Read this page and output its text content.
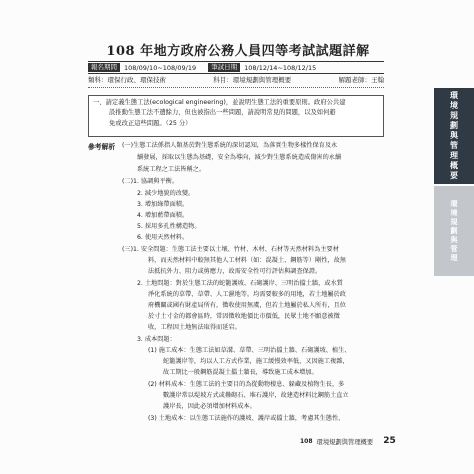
108 年地方政府公務人員四等考試試題詳解
報名期間	108/09/10~108/09/19	筆試日期	108/12/14~108/12/15
類科：環保行政、環保技術	科目：環境規劃與管理概要	解題老師：王翰
一、請定義生態工法(ecological engineering)，並說明生態工法的重要原則。政府公共建
設推動生態工法不遺餘力，但也被指出一些問題，請說明常見的問題，以及如何避
免或改正這些問題。（25 分）
參考解析 (一)生態工法係指人類基於對生態系統的深切認知，為落實生物多樣性保育及永
續發展，採取以生態為基礎，安全為導向，減少對生態系統造成傷害的永續
系統工程之工法皆稱之。
(二)1. 協調與平衡。
2. 減少地貌的改變。
3. 增加綠帶面積。
4. 增加藍帶面積。
5. 採用多孔性構造物。
6. 使用天然材料。
(三)1. 安全問題：生態工法主要以土壤、竹材、木材、石材等天然材料為主要材
料，而天然材料中較無其他人工材料（如：混凝土、鋼筋等）剛性，故無
法抵抗外力、阻力或剪應力，故需安全性可行評估與調查保證。
2. 土地問題：對於生態工法的蛇籠護坡、石砌護岸、三明治擋土牆，或水質
淨化系統的草帶、草帶、人工濕地等，均需要較多的用地，若土地屬於政
府機關或國有財產局所有，徵收使用無虞，但若土地屬於私人所有，且位
於寸土寸金的都會區時，常因徵收地價比市價低，民眾土地不願意被徵
收，工程因土地無法取得而延宕。
3. 成本問題：
(1) 施工成本：生態工法如草溝、草帶、三明治擋土牆、石砌護坡、植生、
蛇籠護岸等，均以人工方式作業，施工緩慢效率低，又因施工複雜，
故工期比一般鋼筋混凝土擋土牆長，導致施工成本增加。
(2) 材料成本：生態工法的主要目的為從動物棲息、躲藏及植物生長，多
數護岸常以堤坡方式或疊砌石、堆石護岸，故建造材料比鋼筋土直立
護岸長，因此必須增加材料成本。
(3) 土地成本：以生態工法施作的護坡、護岸或擋土牆，考慮其生態性、
環境規劃與管理概要
環境規劃與管理
108 環境規劃與管理概要 25
